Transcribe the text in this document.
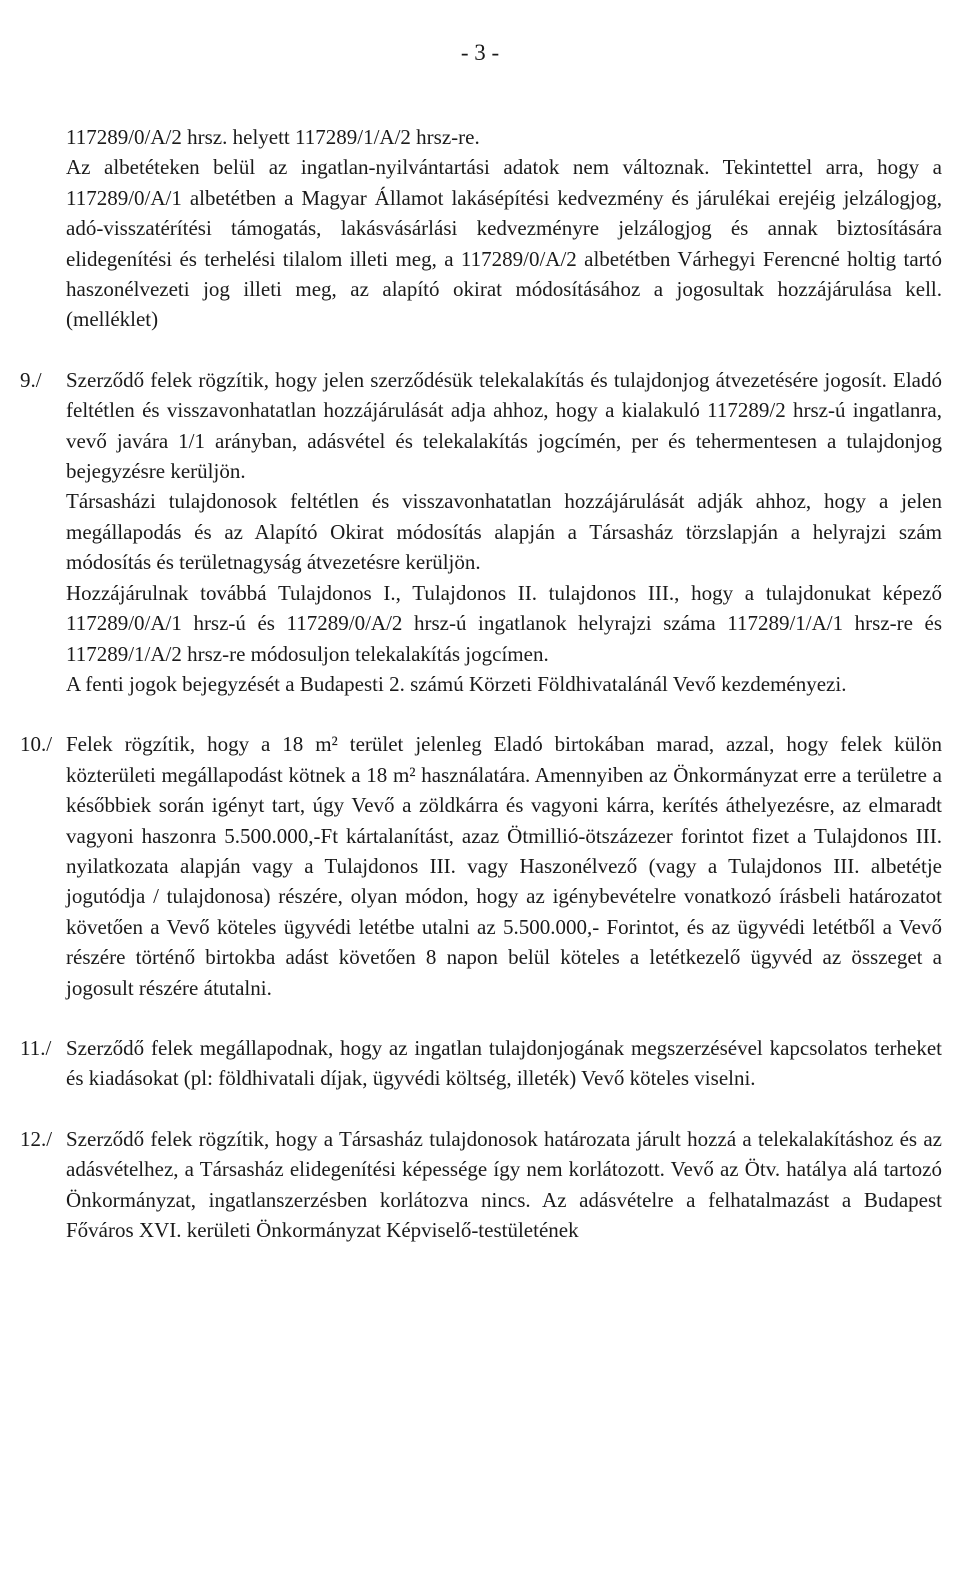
- 3 -
117289/0/A/2 hrsz. helyett 117289/1/A/2 hrsz-re.
Az albetéteken belül az ingatlan-nyilvántartási adatok nem változnak. Tekintettel arra, hogy a 117289/0/A/1 albetétben a Magyar Államot lakásépítési kedvezmény és járulékai erejéig jelzálogjog, adó-visszatérítési támogatás, lakásvásárlási kedvezményre jelzálogjog és annak biztosítására elidegenítési és terhelési tilalom illeti meg, a 117289/0/A/2 albetétben Várhegyi Ferencné holtig tartó haszonélvezeti jog illeti meg, az alapító okirat módosításához a jogosultak hozzájárulása kell. (melléklet)
9./ Szerződő felek rögzítik, hogy jelen szerződésük telekalakítás és tulajdonjog átvezetésére jogosít. Eladó feltétlen és visszavonhatatlan hozzájárulását adja ahhoz, hogy a kialakuló 117289/2 hrsz-ú ingatlanra, vevő javára 1/1 arányban, adásvétel és telekalakítás jogcímén, per és tehermentesen a tulajdonjog bejegyzésre kerüljön.
Társasházi tulajdonosok feltétlen és visszavonhatatlan hozzájárulását adják ahhoz, hogy a jelen megállapodás és az Alapító Okirat módosítás alapján a Társasház törzslapján a helyrajzi szám módosítás és területnagyság átvezetésre kerüljön.
Hozzájárulnak továbbá Tulajdonos I., Tulajdonos II. tulajdonos III., hogy a tulajdonukat képező 117289/0/A/1 hrsz-ú és 117289/0/A/2 hrsz-ú ingatlanok helyrajzi száma 117289/1/A/1 hrsz-re és 117289/1/A/2 hrsz-re módosuljon telekalakítás jogcímen.
A fenti jogok bejegyzését a Budapesti 2. számú Körzeti Földhivatalánál Vevő kezdeményezi.
10./ Felek rögzítik, hogy a 18 m² terület jelenleg Eladó birtokában marad, azzal, hogy felek külön közterületi megállapodást kötnek a 18 m² használatára. Amennyiben az Önkormányzat erre a területre a későbbiek során igényt tart, úgy Vevő a zöldkárra és vagyoni kárra, kerítés áthelyezésre, az elmaradt vagyoni haszonra 5.500.000,-Ft kártalanítást, azaz Ötmillió-ötszázezer forintot fizet a Tulajdonos III. nyilatkozata alapján vagy a Tulajdonos III. vagy Haszonélvező (vagy a Tulajdonos III. albetétje jogutódja / tulajdonosa) részére, olyan módon, hogy az igénybevételre vonatkozó írásbeli határozatot követően a Vevő köteles ügyvédi letétbe utalni az 5.500.000,- Forintot, és az ügyvédi letétből a Vevő részére történő birtokba adást követően 8 napon belül köteles a letétkezelő ügyvéd az összeget a jogosult részére átutalni.
11./ Szerződő felek megállapodnak, hogy az ingatlan tulajdonjogának megszerzésével kapcsolatos terheket és kiadásokat (pl: földhivatali díjak, ügyvédi költség, illeték) Vevő köteles viselni.
12./ Szerződő felek rögzítik, hogy a Társasház tulajdonosok határozata járult hozzá a telekalakításhoz és az adásvételhez, a Társasház elidegenítési képessége így nem korlátozott. Vevő az Ötv. hatálya alá tartozó Önkormányzat, ingatlanszerzésben korlátozva nincs. Az adásvételre a felhatalmazást a Budapest Főváros XVI. kerületi Önkormányzat Képviselő-testületének
